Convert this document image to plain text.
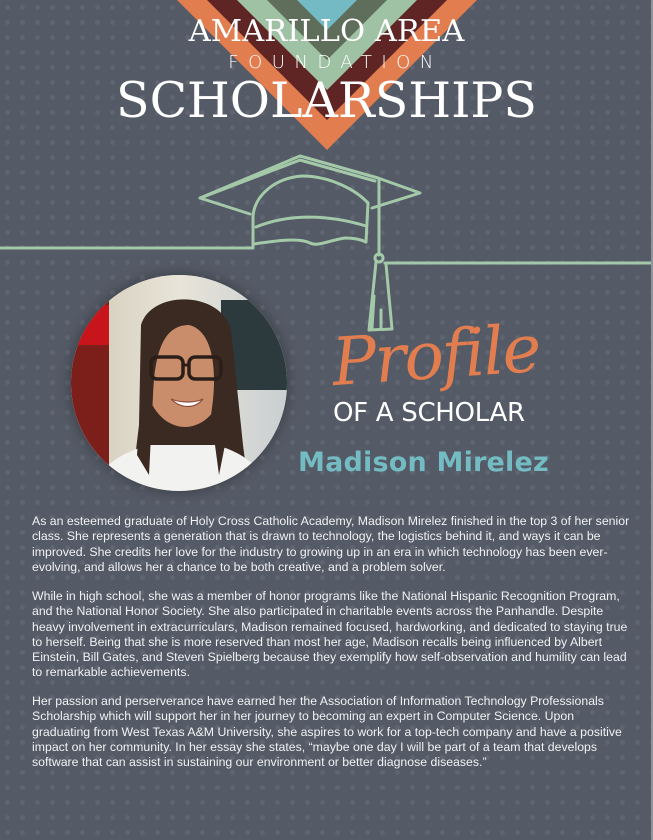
AMARILLO AREA
FOUNDATION
SCHOLARSHIPS
Profile
OF A SCHOLAR
Madison Mirelez
As an esteemed graduate of Holy Cross Catholic Academy, Madison Mirelez finished in the top 3 of her senior class. She represents a generation that is drawn to technology, the logistics behind it, and ways it can be improved. She credits her love for the industry to growing up in an era in which technology has been ever-evolving, and allows her a chance to be both creative, and a problem solver.
While in high school, she was a member of honor programs like the National Hispanic Recognition Program, and the National Honor Society. She also participated in charitable events across the Panhandle. Despite heavy involvement in extracurriculars, Madison remained focused, hardworking, and dedicated to staying true to herself. Being that she is more reserved than most her age, Madison recalls being influenced by Albert Einstein, Bill Gates, and Steven Spielberg because they exemplify how self-observation and humility can lead to remarkable achievements.
Her passion and perserverance have earned her the Association of Information Technology Professionals Scholarship which will support her in her journey to becoming an expert in Computer Science. Upon graduating from West Texas A&M University, she aspires to work for a top-tech company and have a positive impact on her community. In her essay she states, “maybe one day I will be part of a team that develops software that can assist in sustaining our environment or better diagnose diseases.”
